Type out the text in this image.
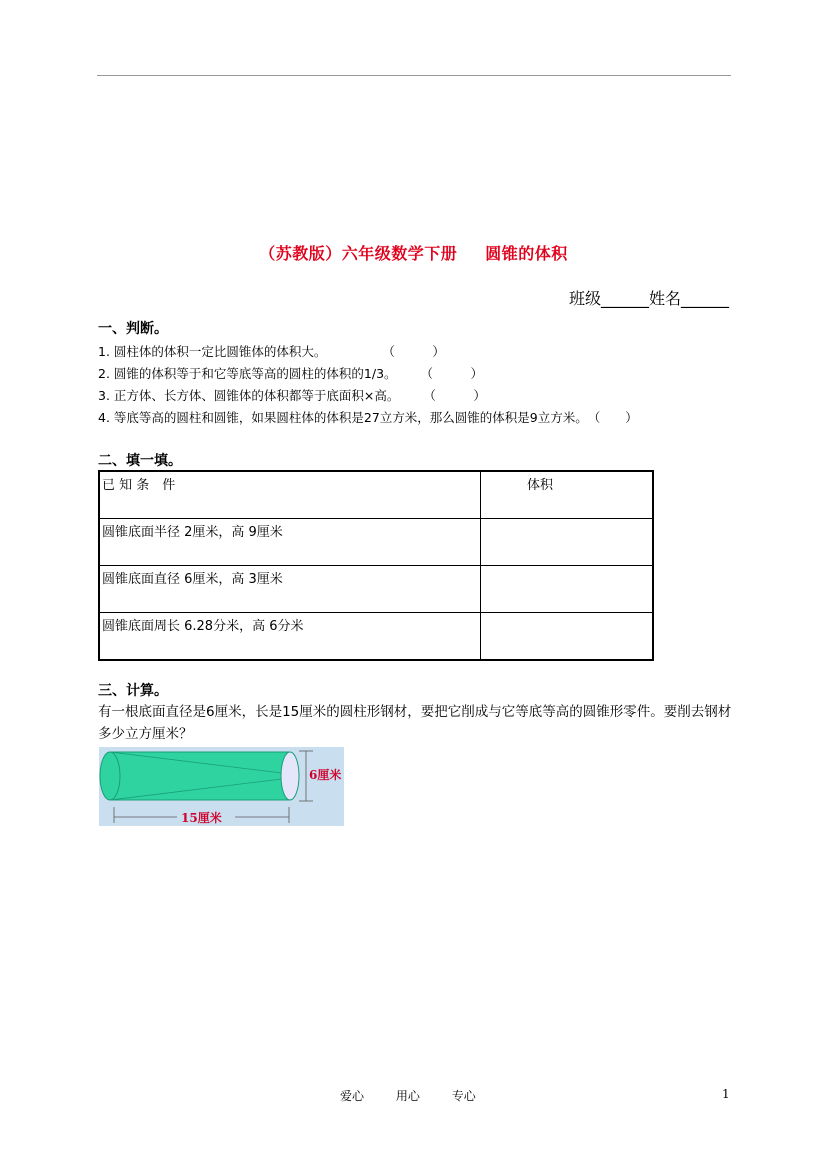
（苏教版）六年级数学下册 圆锥的体积
班级______姓名______
一、判断。
1. 圆柱体的体积一定比圆锥体的体积大。	（　　　）
2. 圆锥的体积等于和它等底等高的圆柱的体积的1/3。 （　　　）
3. 正方体、长方体、圆锥体的体积都等于底面积×高。 （　　　）
4. 等底等高的圆柱和圆锥，如果圆柱体的体积是27立方米，那么圆锥的体积是9立方米。（　　）
二、填一填。
已 知 条　件	体积
圆锥底面半径 2厘米，高 9厘米	
圆锥底面直径 6厘米，高 3厘米	
圆锥底面周长 6.28分米，高 6分米	
三、计算。
有一根底面直径是6厘米，长是15厘米的圆柱形钢材，要把它削成与它等底等高的圆锥形零件。要削去钢材多少立方厘米？
6厘米
15厘米
爱心	用心	专心	1
